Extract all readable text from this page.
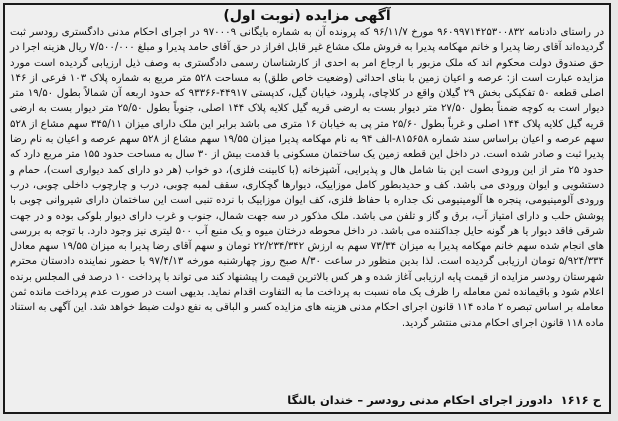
آگهی مزایده (نوبت اول)

در راستای دادنامه ۹۶۰۹۹۷۱۴۲۵۳۰۰۸۳۲ مورخ ۹۶/۱۱/۷ که پرونده آن به شماره بایگانی ۹۷۰۰۰۹ در اجرای احکام مدنی دادگستری رودسر ثبت گردیده‌اند آقای رضا پدیرا و خانم مهکامه پدیرا به فروش ملک مشاع غیر قابل افراز در حق آقای حامد پدیرا و مبلغ ۷/۵۰۰/۰۰۰ ریال هزینه اجرا در حق صندوق دولت محکوم اند که ملک مزبور با ارجاع امر به احدی از کارشناسان رسمی دادگستری به وصف ذیل ارزیابی گردیده است مورد مزایده عبارت است از: عرصه و اعیان زمین با بنای احداثی (وضعیت خاص طلق) به مساحت ۵۲۸ متر مربع به شماره پلاک ۱۰۳ فرعی از ۱۴۶ اصلی قطعه ۵۰ تفکیکی بخش ۲۹ گیلان واقع در کلاچای، پلرود، خیابان گیل، کدپستی ۴۴۹۱۷-۹۳۳۶۶ که حدود اربعه آن شمالاً بطول ۱۹/۵۰ متر دیوار است به کوچه ضمناً بطول ۲۷/۵۰ متر دیوار بست به ارضی قریه گیل کلایه پلاک ۱۴۴ اصلی، جنوباً بطول ۲۵/۵۰ متر دیوار بست به ارضی قریه گیل کلایه پلاک ۱۴۴ اصلی و غرباً بطول ۲۵/۶۰ متر پی به خیابان ۱۶ متری می باشد برابر این ملک دارای میزان ۳۴۵/۱۱ سهم مشاع از ۵۲۸ سهم عرصه و اعیان براساس سند شماره ۸۱۵۶۵۸-الف ۹۴ به نام مهکامه پدیرا میزان ۱۹/۵۵ سهم مشاع از ۵۲۸ سهم عرصه و اعیان به نام رضا پدیرا ثبت و صادر شده است. در داخل این قطعه زمین یک ساختمان مسکونی با قدمت بیش از ۳۰ سال به مساحت حدود ۱۵۵ متر مربع دارد که حدود ۲۵ متر از این ورودی است این بنا شامل هال و پذیرایی، آشپزخانه (با کابینت فلزی)، دو خواب (هر دو دارای کمد دیواری است)، حمام و دستشویی و ایوان ورودی می باشد. کف و حدیدبطور کامل موزاییک، دیوارها گچکاری، سقف لمبه چوبی، درب و چارچوب داخلی چوبی، درب ورودی آلومینیومی، پنجره ها آلومینیومی نک جداره با حفاظ فلزی، کف ایوان موزاییک با نرده تنبی است این ساختمان دارای شیروانی چوبی با پوشش حلب و دارای امتیاز آب، برق و گاز و تلفن می باشد. ملک مذکور در سه جهت شمال، جنوب و غرب دارای دیوار بلوکی بوده و در جهت شرقی فاقد دیوار یا هر گونه حایل جداکننده می باشد. در داخل محوطه درختان میوه و یک منبع آب ۵۰۰ لیتری نیز وجود دارد. با توجه به بررسی های انجام شده سهم خانم مهکامه پدیرا به میزان ۷۳/۳۴ سهم به ارزش ۲۲/۲۳۴/۳۴۲ تومان و سهم آقای رضا پدیرا به میزان ۱۹/۵۵ سهم معادل ۵/۹۲۴/۳۳۴ تومان ارزیابی گردیده است. لذا بدین منظور در ساعت ۸/۳۰ صبح روز چهارشنبه مورخه ۹۷/۴/۱۳ با حضور نماینده دادستان محترم شهرستان رودسر مزایده از قیمت پایه ارزیابی آغاز شده و هر کس بالاترین قیمت را پیشنهاد کند می تواند با پرداخت ۱۰ درصد فی المجلس برنده اعلام شود و باقیمانده ثمن معامله را ظرف یک ماه نسبت به پرداخت ما به التفاوت اقدام نماید. بدیهی است در صورت عدم پرداخت مانده ثمن معامله بر اساس تبصره ۲ ماده ۱۱۴ قانون اجرای احکام مدنی هزینه های مزایده کسر و الباقی به نفع دولت ضبط خواهد شد. این آگهی به استناد ماده ۱۱۸ قانون اجرای احکام مدنی منتشر گردید.

ح ۱۶۱۶
دادورز اجرای احکام مدنی رودسر – خندان بالنگا
